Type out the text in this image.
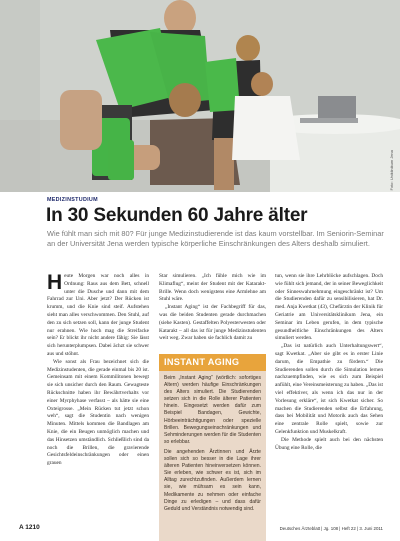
Foto: Uniklinikum Jena
MEDIZINSTUDIUM
In 30 Sekunden 60 Jahre älter
Wie fühlt man sich mit 80? Für junge Medizinstudierende ist das kaum vorstellbar. Im Seniorin-Seminar an der Universität Jena werden typische körperliche Einschränkungen des Alters deshalb simuliert.
H eute Morgen war noch alles in Ordnung: Raus aus dem Bett, schnell unter die Dusche und dann mit dem Fahrrad zur Uni. Aber jetzt? Der Rücken ist krumm, und die Knie sind steif. Aufstehen sieht man alles verschwommen. Den Stuhl, auf den zu sich setzen soll, kann der junge Student nur erahnen. Wie hoch mag die Streifacke sein? Er blickt ihr nicht andere fähig: Sie lässt sich herunterplumpsen. Dabei ächzt sie schwer aus und stöhnt.

Wie sonst als Frau bezeichnet sich die Medizinstudenten, die gerade einmal bis 20 ist. Gemeinsam mit einem Kommilitonen bewegt sie sich unsicher durch den Raum. Gewagteste Rückschnitte haben ihr Bewährtverhalts vor einer Myrphyhase verfasst – als hätte sie eine Oxteigrosse. „Mein Rücken tut jetzt schon weh“, sagt die Studentin nach wenigen Minuten. Mittels kommen die Bandlagen am Knie, die ein Beugen unmöglich machen und das Hinsetzen umständlich. Schließlich sind da noch die Brillen, die gravierende Gesichtsfeldeinschränkungen oder einen grauen

Star simulieren. „Ich fühle mich wie im Klimaflug“, meint der Student mit der Katarakt-Brille. Wenn doch wenigstens eine Armlehne am Stuhl wäre.

„Instant Aging“ ist der Fachbegriff für das, was die beiden Studenten gerade durchmachen (siehe Kasten). Gestaffelten Polyesterwesten oder Katarakt – all das ist für junge Medizinstudenten weit weg. Zwar haben sie fachlich damit zu

INSTANT AGING

Beim „Instant Aging“ (wörtlich: sofortiges Altern) werden häufige Einschränkungen des Alters simuliert. Die Studierenden setzen sich in die Rolle älterer Patienten hinein. Eingesetzt werden dafür zum Beispiel Bandagen, Gewichte, Hörbeeinträchtigungen oder spezielle Brillen. Bewegungseinschränkungen und Sehminderungen werden für die Studenten so erlebbar.

Die angehenden Ärztinnen und Ärzte sollen sich so besser in die Lage ihrer älteren Patienten hineinversetzen können. Sie erleben, wie schwer es ist, sich im Alltag zurechtzufinden. Außerdem lernen sie, wie mühsam es sein kann, Medikamente zu nehmen oder einfache Dinge zu erledigen – und dass dafür Geduld und Verständnis notwendig sind.

tun, wenn sie ihre Lehrblöcke aufschlagen. Doch wie fühlt sich jemand, der in seiner Beweglichkeit oder Sinneswahrnehmung eingeschränkt ist? Um die Studierenden dafür zu sensibilisieren, hat Dr. med. Anja Kwetkat (43), Chefärztin der Klinik für Geriatrie am Universitätsklinikum Jena, ein Seminar im Leben gerufen, in dem typische gesundheitliche Einschränkungen des Alters simuliert werden.

„Das ist natürlich auch Unterhaltungswert“, sagt Kwetkat. „Aber sie gibt es in erster Linie darum, die Empathie zu fördern.“ Die Studierenden sollen durch die Simulation lernen nachzuempfinden, wie es sich zum Beispiel anfühlt, eine Vereinsmeisterung zu haben. „Das ist viel effektiver, als wenn ich das nur in der Vorlesung erkläre“, ist sich Kwetkat sicher. So machen die Studierenden selbst die Erfahrung, dass bei Mobilität und Motorik auch das Sehen eine zentrale Rolle spielt, sowie zur Gelenkfunktion und Muskelkraft.

Die Methode spielt auch bei den nächsten Übung eine Rolle, die

A 1210	Deutsches Ärzteblatt | Jg. 108 | Heft 22 | 3. Juni 2011
